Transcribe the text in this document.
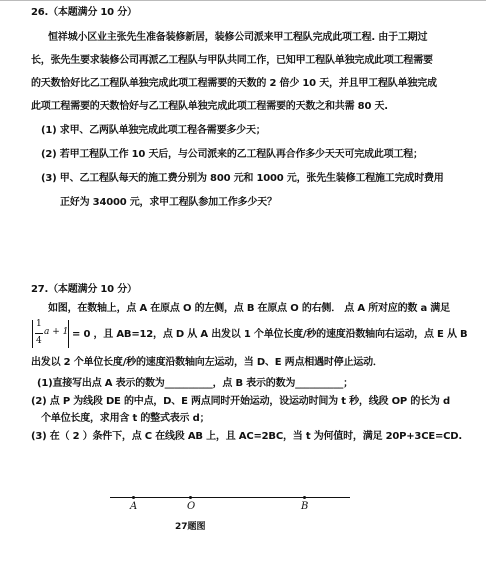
26.（本题满分 10 分）
恒祥城小区业主张先生准备装修新居，装修公司派来甲工程队完成此项工程. 由于工期过
长，张先生要求装修公司再派乙工程队与甲队共同工作，已知甲工程队单独完成此项工程需要
的天数恰好比乙工程队单独完成此项工程需要的天数的 2 倍少 10 天，并且甲工程队单独完成
此项工程需要的天数恰好与乙工程队单独完成此项工程需要的天数之和共需 80 天.
(1) 求甲、乙两队单独完成此项工程各需要多少天；
(2) 若甲工程队工作 10 天后，与公司派来的乙工程队再合作多少天天可完成此项工程；
(3) 甲、乙工程队每天的施工费分别为 800 元和 1000 元，张先生装修工程施工完成时费用
正好为 34000 元，求甲工程队参加工作多少天？
27.（本题满分 10 分）
如图，在数轴上，点 A 在原点 O 的左侧，点 B 在原点 O 的右侧． 点 A 所对应的数 a 满足
1
4
a + 1 = 0 ，且 AB=12，点 D 从 A 出发以 1 个单位长度/秒的速度沿数轴向右运动，点 E 从 B
出发以 2 个单位长度/秒的速度沿数轴向左运动，当 D、E 两点相遇时停止运动．
(1)直接写出点 A 表示的数为__________，点 B 表示的数为__________；
(2) 点 P 为线段 DE 的中点，D、E 两点同时开始运动，设运动时间为 t 秒，线段 OP 的长为 d
个单位长度，求用含 t 的整式表示 d；
(3) 在（ 2 ）条件下，点 C 在线段 AB 上，且 AC=2BC，当 t 为何值时，满足 20P+3CE=CD.
A	O	B
27题图
